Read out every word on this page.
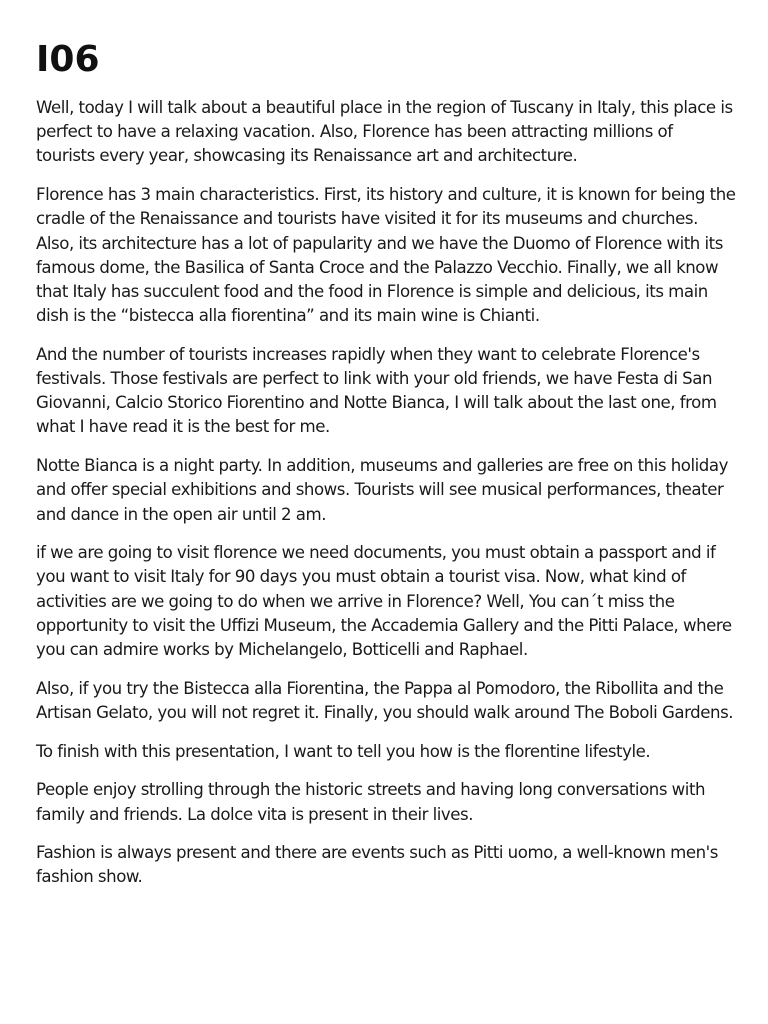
I06

Well, today I will talk about a beautiful place in the region of Tuscany in Italy, this place is perfect to have a relaxing vacation. Also, Florence has been attracting millions of tourists every year, showcasing its Renaissance art and architecture.

Florence has 3 main characteristics. First, its history and culture, it is known for being the cradle of the Renaissance and tourists have visited it for its museums and churches. Also, its architecture has a lot of papularity and we have the Duomo of Florence with its famous dome, the Basilica of Santa Croce and the Palazzo Vecchio. Finally, we all know that Italy has succulent food and the food in Florence is simple and delicious, its main dish is the “bistecca alla fiorentina” and its main wine is Chianti.

And the number of tourists increases rapidly when they want to celebrate Florence's festivals. Those festivals are perfect to link with your old friends, we have Festa di San Giovanni, Calcio Storico Fiorentino and Notte Bianca, I will talk about the last one, from what I have read it is the best for me.

Notte Bianca is a night party. In addition, museums and galleries are free on this holiday and offer special exhibitions and shows. Tourists will see musical performances, theater and dance in the open air until 2 am.

if we are going to visit florence we need documents, you must obtain a passport and if you want to visit Italy for 90 days you must obtain a tourist visa. Now, what kind of activities are we going to do when we arrive in Florence? Well, You can´t miss the opportunity to visit the Uffizi Museum, the Accademia Gallery and the Pitti Palace, where you can admire works by Michelangelo, Botticelli and Raphael.

Also, if you try the Bistecca alla Fiorentina, the Pappa al Pomodoro, the Ribollita and the Artisan Gelato, you will not regret it. Finally, you should walk around The Boboli Gardens.

To finish with this presentation, I want to tell you how is the florentine lifestyle.

People enjoy strolling through the historic streets and having long conversations with family and friends. La dolce vita is present in their lives.

Fashion is always present and there are events such as Pitti uomo, a well-known men's fashion show.
